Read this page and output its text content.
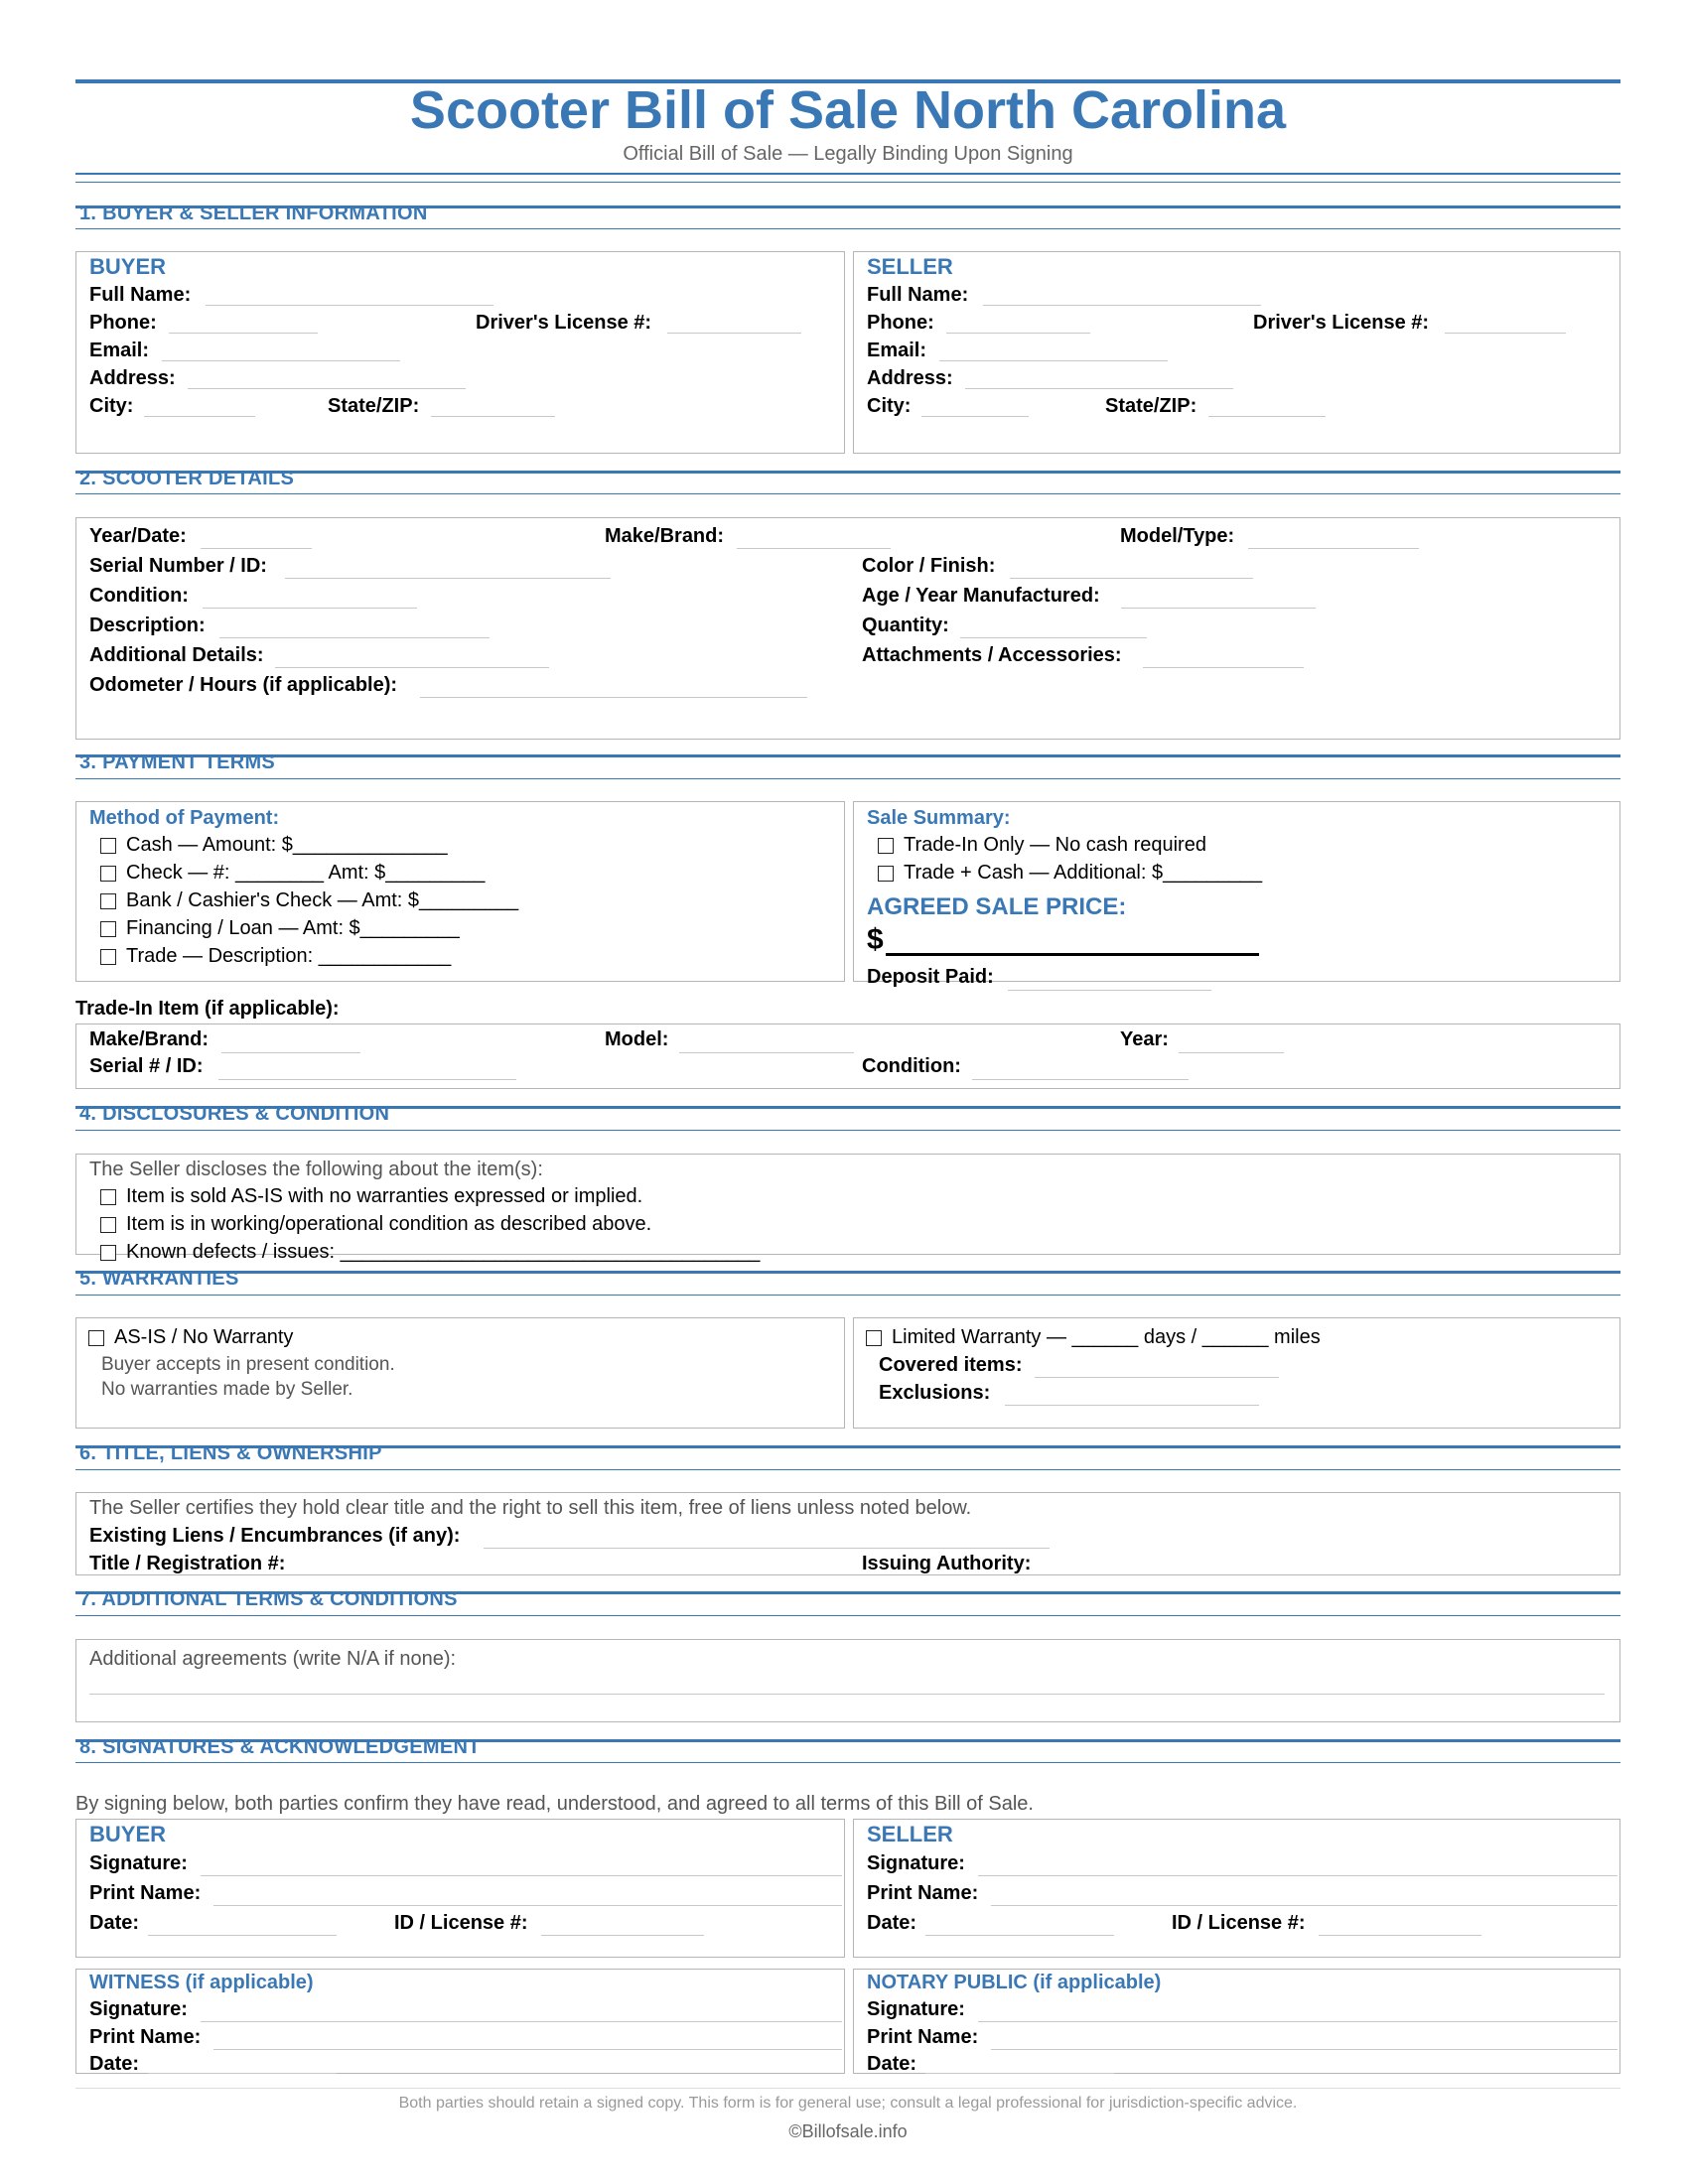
Scooter Bill of Sale North Carolina
Official Bill of Sale — Legally Binding Upon Signing
1. BUYER & SELLER INFORMATION
BUYER
Full Name:
Phone:	Driver's License #:
Email:
Address:
City:	State/ZIP:
SELLER
Full Name:
Phone:	Driver's License #:
Email:
Address:
City:	State/ZIP:
2. SCOOTER DETAILS
Year/Date:	Make/Brand:	Model/Type:
Serial Number / ID:	Color / Finish:
Condition:	Age / Year Manufactured:
Description:	Quantity:
Additional Details:	Attachments / Accessories:
Odometer / Hours (if applicable):
3. PAYMENT TERMS
Method of Payment:
Cash — Amount: $______________
Check — #: ________ Amt: $_________
Bank / Cashier's Check — Amt: $_________
Financing / Loan — Amt: $_________
Trade — Description: ____________
Sale Summary:
Trade-In Only — No cash required
Trade + Cash — Additional: $_________
AGREED SALE PRICE:
$
Deposit Paid:
Trade-In Item (if applicable):
Make/Brand:	Model:	Year:
Serial # / ID:	Condition:
4. DISCLOSURES & CONDITION
The Seller discloses the following about the item(s):
Item is sold AS-IS with no warranties expressed or implied.
Item is in working/operational condition as described above.
Known defects / issues: ______________________________________
5. WARRANTIES
AS-IS / No Warranty
Buyer accepts in present condition.
No warranties made by Seller.
Limited Warranty — ______ days / ______ miles
Covered items:
Exclusions:
6. TITLE, LIENS & OWNERSHIP
The Seller certifies they hold clear title and the right to sell this item, free of liens unless noted below.
Existing Liens / Encumbrances (if any):
Title / Registration #:	Issuing Authority:
7. ADDITIONAL TERMS & CONDITIONS
Additional agreements (write N/A if none):
8. SIGNATURES & ACKNOWLEDGEMENT
By signing below, both parties confirm they have read, understood, and agreed to all terms of this Bill of Sale.
BUYER
Signature:
Print Name:
Date:	ID / License #:
SELLER
Signature:
Print Name:
Date:	ID / License #:
WITNESS (if applicable)
Signature:
Print Name:
Date:
NOTARY PUBLIC (if applicable)
Signature:
Print Name:
Date:
Both parties should retain a signed copy. This form is for general use; consult a legal professional for jurisdiction-specific advice.
©Billofsale.info
